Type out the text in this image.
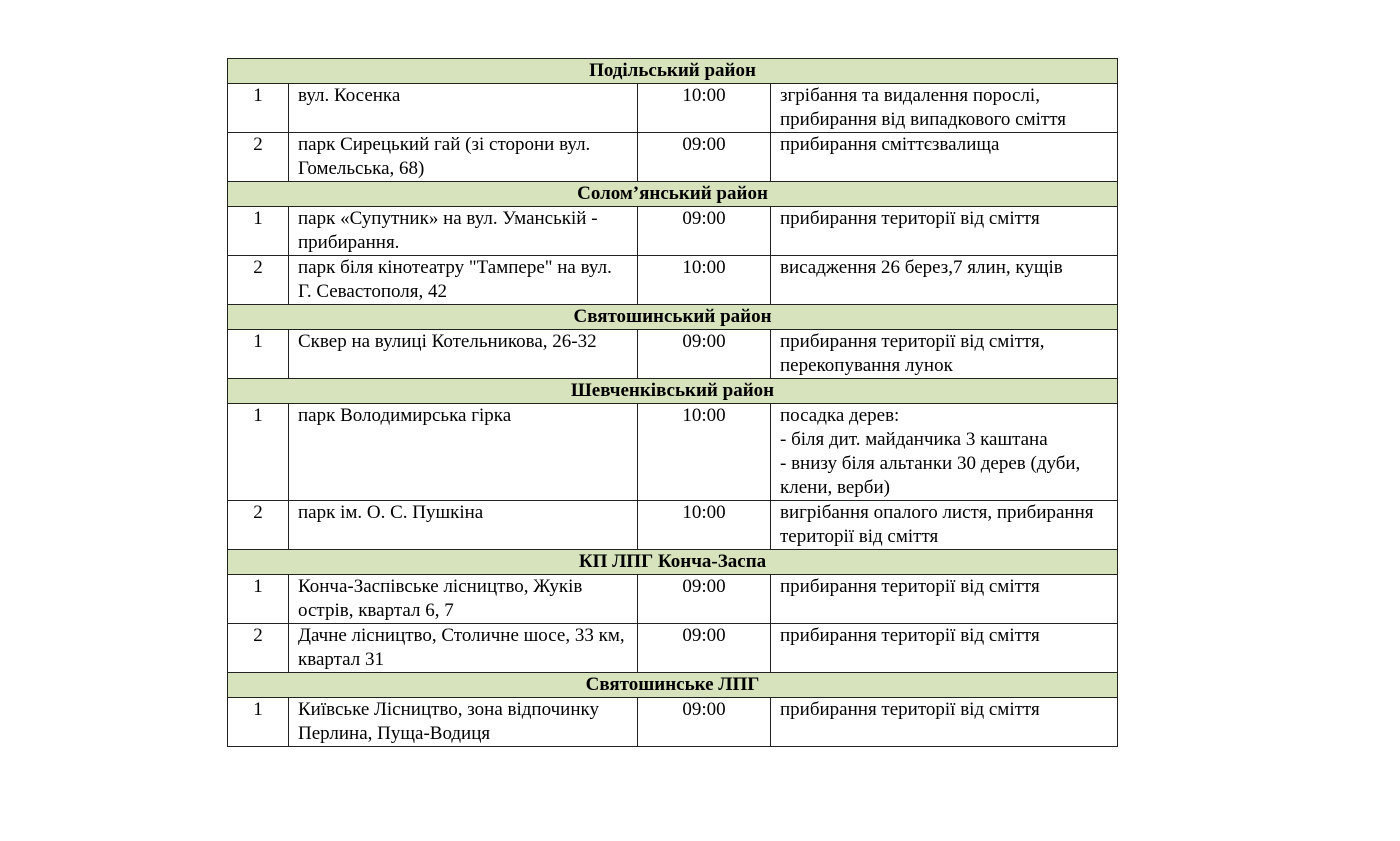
Подільський район			
1	вул. Косенка	10:00	згрібання та видалення порослі, прибирання від випадкового сміття
2	парк Сирецький гай (зі сторони вул. Гомельська, 68)	09:00	прибирання сміттєзвалища
Солом’янський район			
1	парк «Супутник» на вул. Уманській - прибирання.	09:00	прибирання території від сміття
2	парк біля кінотеатру "Тампере" на вул. Г. Севастополя, 42	10:00	висадження 26 берез,7 ялин, кущів
Святошинський район			
1	Сквер на вулиці Котельникова, 26-32	09:00	прибирання території від сміття, перекопування лунок
Шевченківський район			
1	парк Володимирська гірка	10:00	посадка дерев:
- біля дит. майданчика 3 каштана
- внизу біля альтанки 30 дерев (дуби, клени, верби)
2	парк ім. О. С. Пушкіна	10:00	вигрібання опалого листя, прибирання території від сміття
КП ЛПГ Конча-Заспа			
1	Конча-Заспівське лісництво, Жуків острів, квартал 6, 7	09:00	прибирання території від сміття
2	Дачне лісництво, Столичне шосе, 33 км, квартал 31	09:00	прибирання території від сміття
Святошинське ЛПГ			
1	Київське Лісництво, зона відпочинку Перлина, Пуща-Водиця	09:00	прибирання території від сміття
